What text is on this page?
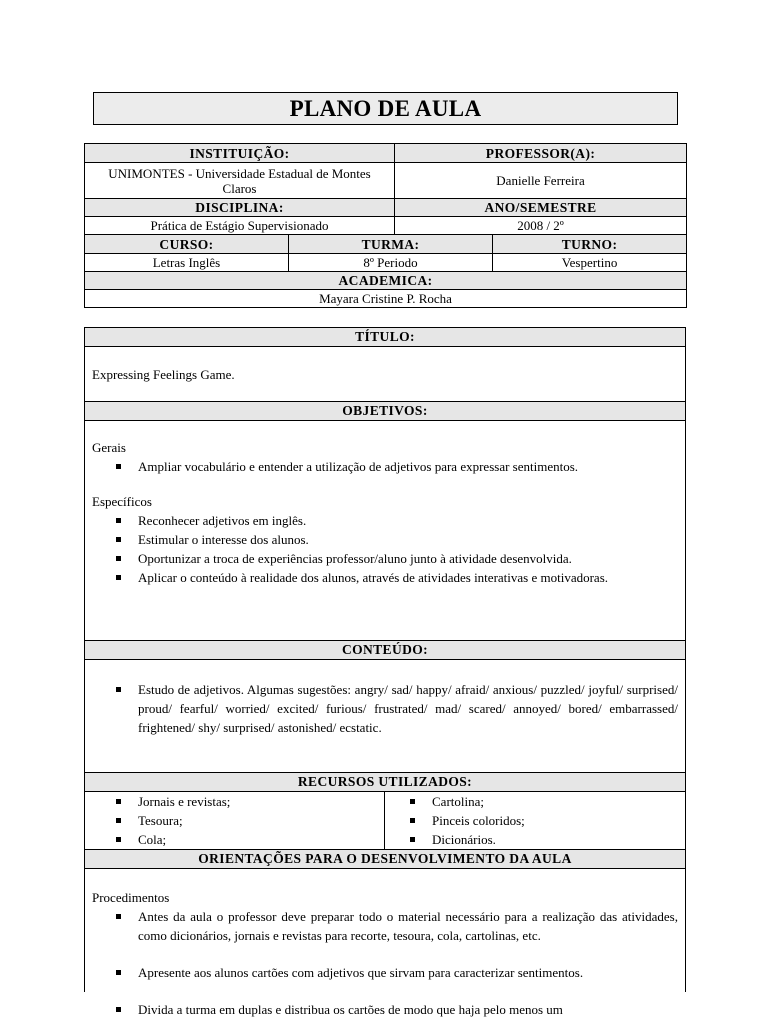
PLANO DE AULA
INSTITUIÇÃO:		PROFESSOR(A):	
UNIMONTES - Universidade Estadual de Montes Claros		Danielle Ferreira	
DISCIPLINA:		ANO/SEMESTRE	
Prática de Estágio Supervisionado		2008 / 2º	
CURSO:	TURMA:		TURNO:
Letras Inglês	8º Periodo		Vespertino
ACADEMICA:			
Mayara Cristine P. Rocha			
TÍTULO:
Expressing Feelings Game.
OBJETIVOS:
Gerais
Ampliar vocabulário e entender a utilização de adjetivos para expressar sentimentos.
Específicos
Reconhecer adjetivos em inglês.
Estimular o interesse dos alunos.
Oportunizar a troca de experiências professor/aluno junto à atividade desenvolvida.
Aplicar o conteúdo à realidade dos alunos, através de atividades interativas e motivadoras.
CONTEÚDO:
Estudo de adjetivos. Algumas sugestões: angry/ sad/ happy/ afraid/ anxious/ puzzled/ joyful/ surprised/ proud/ fearful/ worried/ excited/ furious/ frustrated/ mad/ scared/ annoyed/ bored/ embarrassed/ frightened/ shy/ surprised/ astonished/ ecstatic.
RECURSOS UTILIZADOS:
Jornais e revistas;
Tesoura;
Cola;
Cartolina;
Pinceis coloridos;
Dicionários.
ORIENTAÇÕES PARA O DESENVOLVIMENTO DA AULA
Procedimentos
Antes da aula o professor deve preparar todo o material necessário para a realização das atividades, como dicionários, jornais e revistas para recorte, tesoura, cola, cartolinas, etc.
Apresente aos alunos cartões com adjetivos que sirvam para caracterizar sentimentos.
Divida a turma em duplas e distribua os cartões de modo que haja pelo menos um
